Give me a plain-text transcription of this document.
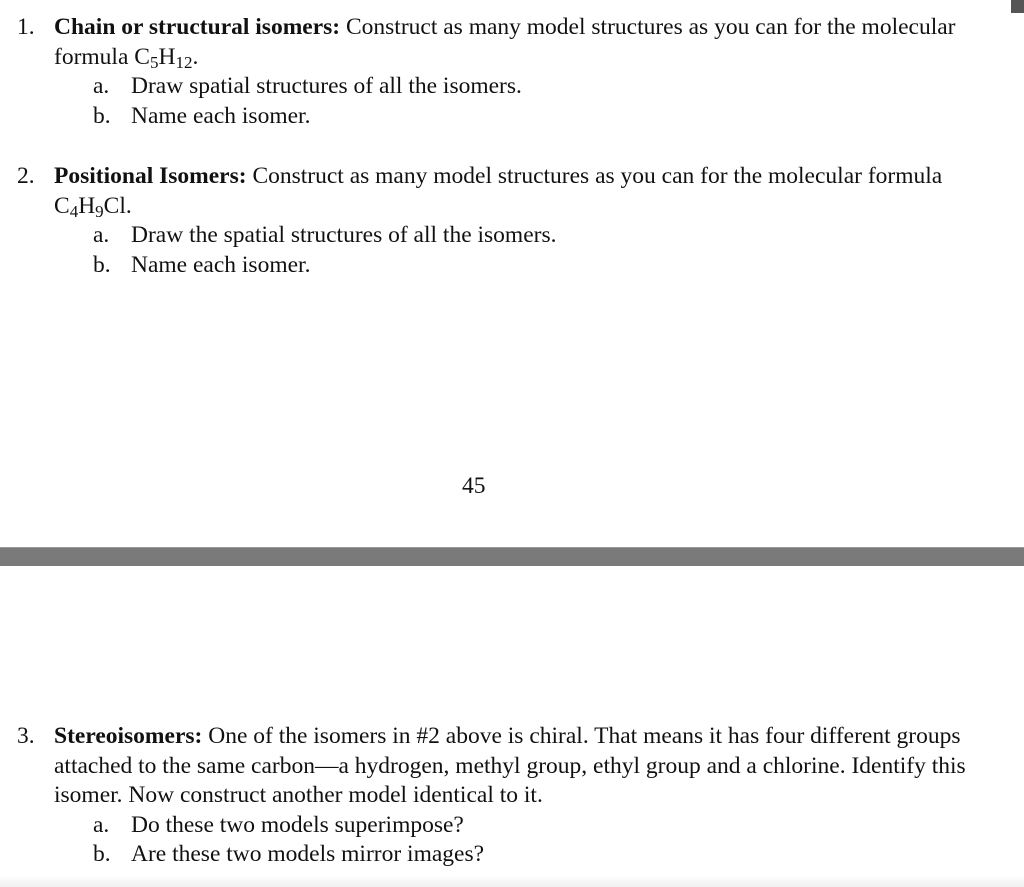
1. Chain or structural isomers: Construct as many model structures as you can for the molecular formula $C_5H_{12}$.
a. Draw spatial structures of all the isomers.
b. Name each isomer.
2. Positional Isomers: Construct as many model structures as you can for the molecular formula $C_4H_9Cl$.
a. Draw the spatial structures of all the isomers.
b. Name each isomer.
45
3. Stereoisomers: One of the isomers in #2 above is chiral. That means it has four different groups attached to the same carbon—a hydrogen, methyl group, ethyl group and a chlorine. Identify this isomer. Now construct another model identical to it.
a. Do these two models superimpose?
b. Are these two models mirror images?
